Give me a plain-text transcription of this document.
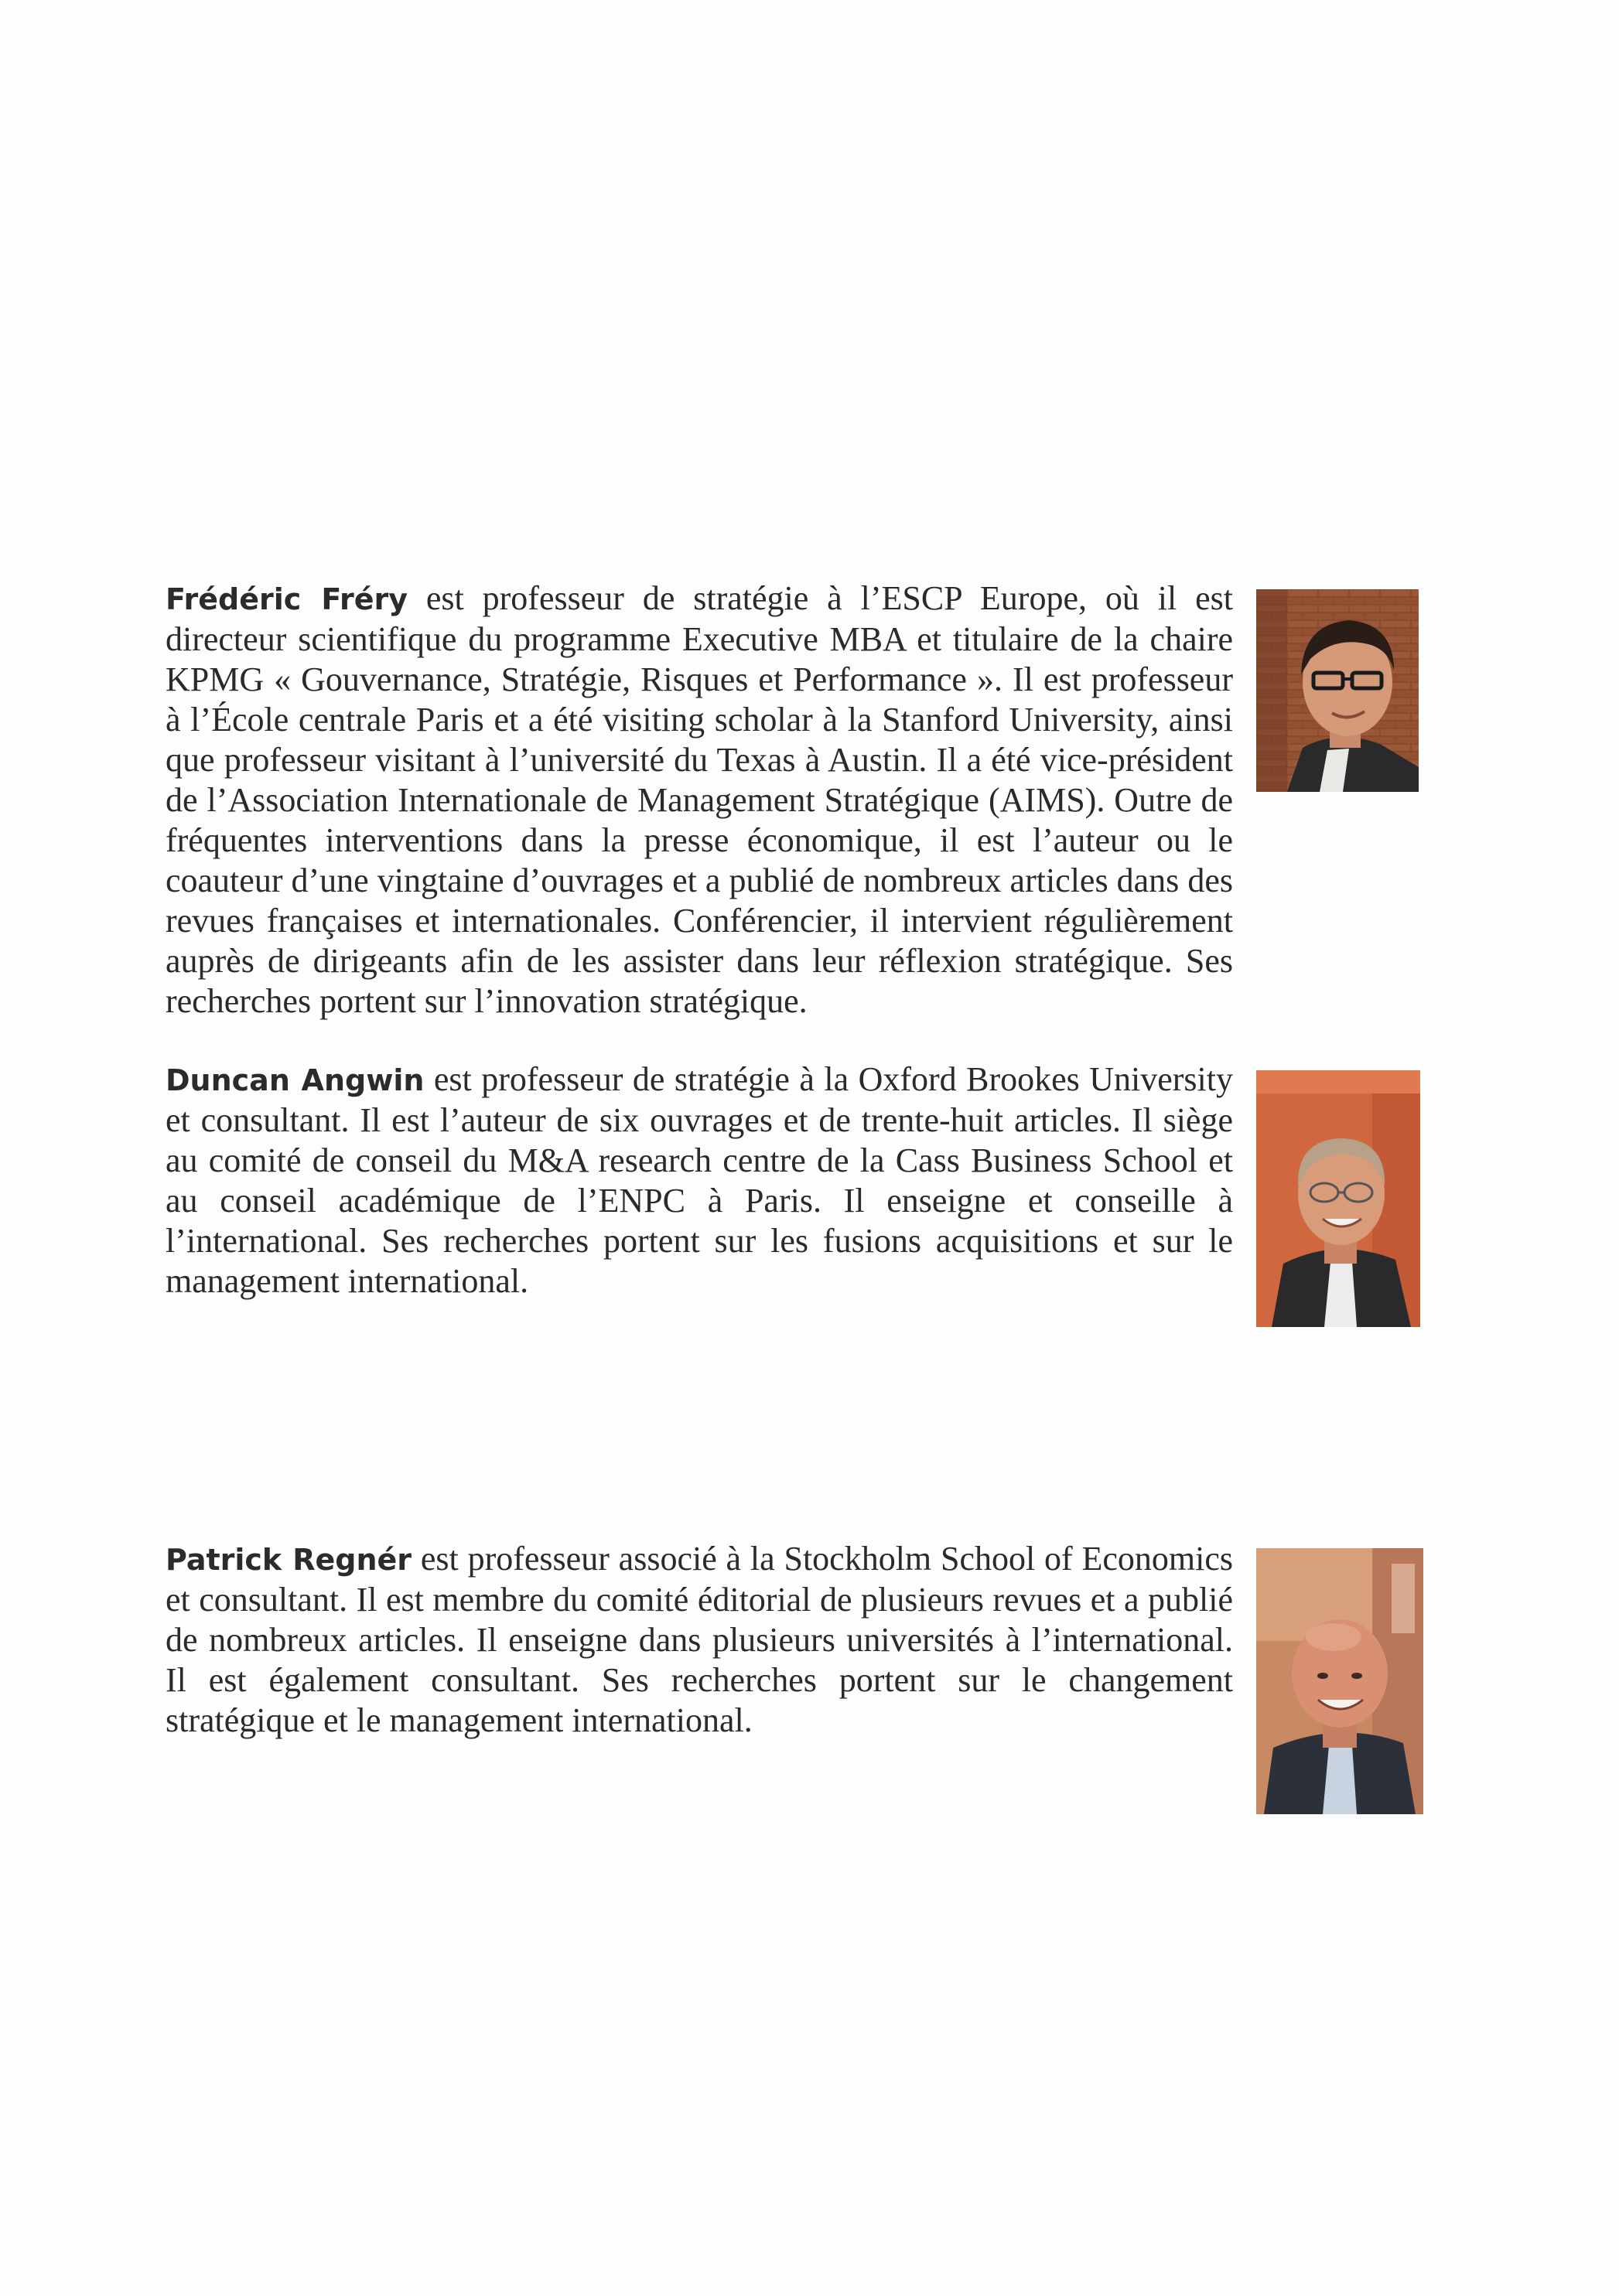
Frédéric Fréry est professeur de stratégie à l’ESCP Europe, où il est directeur scientifique du programme Executive MBA et titulaire de la chaire KPMG « Gouvernance, Stratégie, Risques et Performance ». Il est professeur à l’École centrale Paris et a été visiting scholar à la Stanford University, ainsi que professeur visitant à l’université du Texas à Austin. Il a été vice-président de l’Association Internationale de Management Stratégique (AIMS). Outre de fréquentes interventions dans la presse économique, il est l’auteur ou le coauteur d’une vingtaine d’ouvrages et a publié de nombreux articles dans des revues françaises et internationales. Conférencier, il intervient régulièrement auprès de dirigeants afin de les assister dans leur réflexion stratégique. Ses recherches portent sur l’innovation stratégique.

Duncan Angwin est professeur de stratégie à la Oxford Brookes University et consultant. Il est l’auteur de six ouvrages et de trente-huit articles. Il siège au comité de conseil du M&A research centre de la Cass Business School et au conseil académique de l’ENPC à Paris. Il enseigne et conseille à l’international. Ses recherches portent sur les fusions acquisitions et sur le management international.

Patrick Regnér est professeur associé à la Stockholm School of Economics et consultant. Il est membre du comité éditorial de plusieurs revues et a publié de nombreux articles. Il enseigne dans plusieurs universités à l’international. Il est également consultant. Ses recherches portent sur le changement stratégique et le management international.
